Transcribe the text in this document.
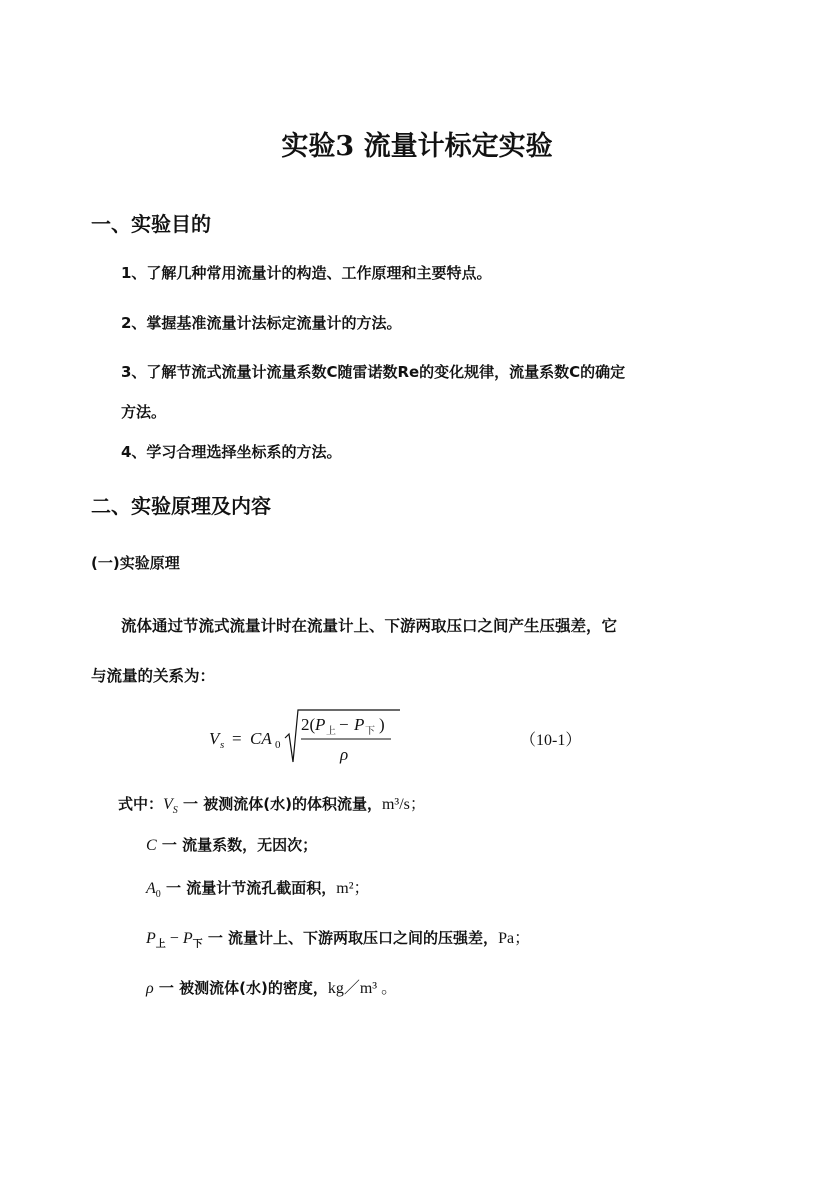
实验3 流量计标定实验
一、实验目的
1、了解几种常用流量计的构造、工作原理和主要特点。
2、掌握基准流量计法标定流量计的方法。
3、了解节流式流量计流量系数C随雷诺数Re的变化规律，流量系数C的确定
方法。
4、学习合理选择坐标系的方法。
二、实验原理及内容
(一)实验原理
流体通过节流式流量计时在流量计上、下游两取压口之间产生压强差，它
与流量的关系为：
V s = CA 0
2( P 上 − P 下 )
ρ
（10-1）
式中：$V_S$ 一 被测流体(水)的体积流量，m³/s；
C 一 流量系数，无因次；
$A_0$ 一 流量计节流孔截面积，m²；
$P_上 - P_下$ 一 流量计上、下游两取压口之间的压强差，Pa；
ρ 一 被测流体(水)的密度，kg／m³ 。
